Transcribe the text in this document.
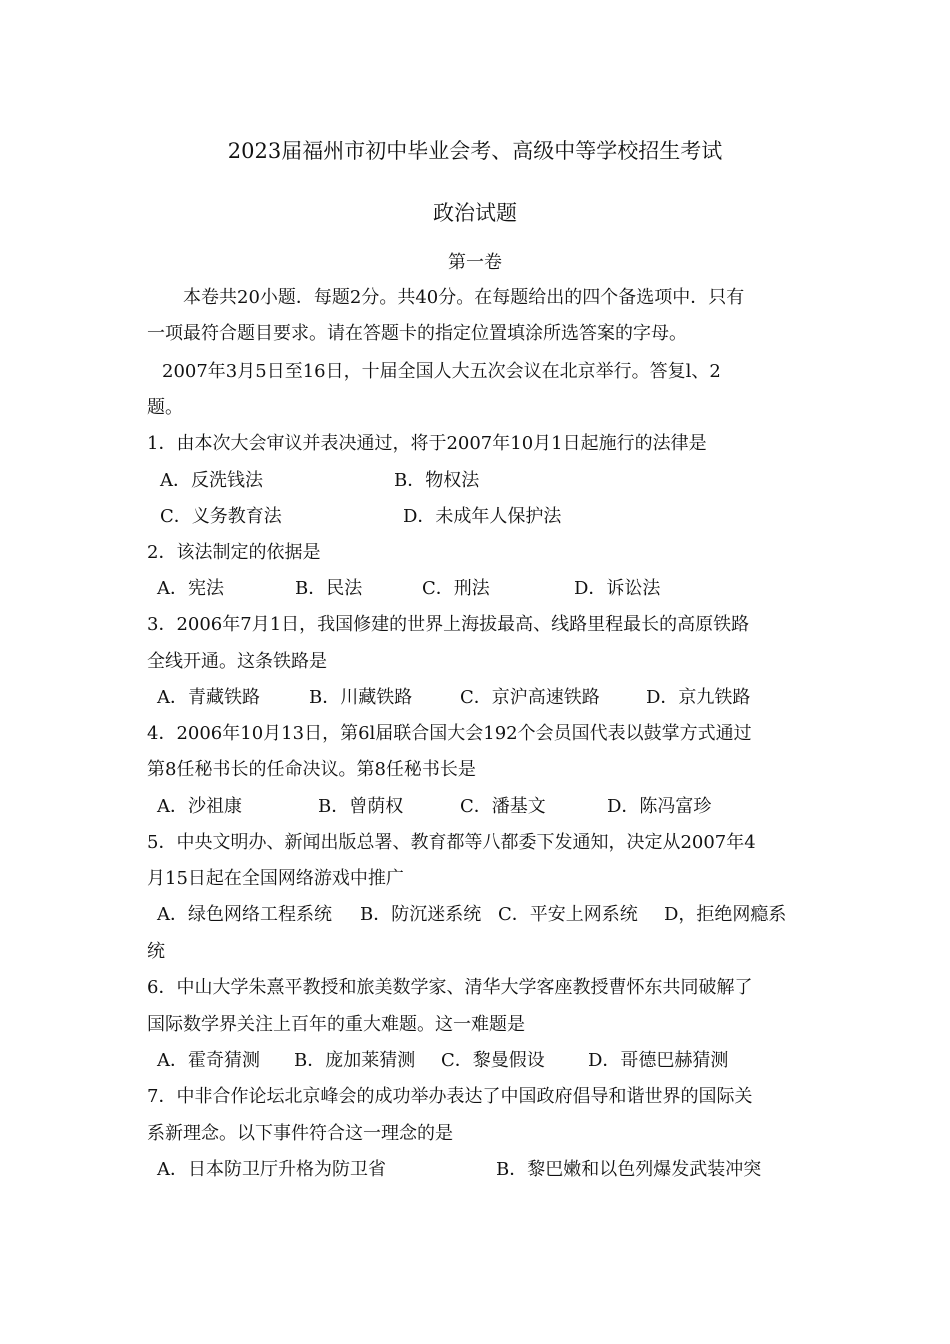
2023届福州市初中毕业会考、高级中等学校招生考试
政治试题
第一卷
本卷共20小题．每题2分。共40分。在每题给出的四个备选项中．只有
一项最符合题目要求。请在答题卡的指定位置填涂所选答案的字母。
2007年3月5日至16日，十届全国人大五次会议在北京举行。答复l、2
题。
1．由本次大会审议并表决通过，将于2007年10月1日起施行的法律是
A．反洗钱法	B．物权法
C．义务教育法	D．未成年人保护法
2．该法制定的依据是
A．宪法	B．民法	C．刑法	D．诉讼法
3．2006年7月1日，我国修建的世界上海拔最高、线路里程最长的高原铁路
全线开通。这条铁路是
A．青藏铁路	B．川藏铁路	C．京沪高速铁路	D．京九铁路
4．2006年10月13日，第6l届联合国大会192个会员国代表以鼓掌方式通过
第8任秘书长的任命决议。第8任秘书长是
A．沙祖康	B．曾荫权	C．潘基文	D．陈冯富珍
5．中央文明办、新闻出版总署、教育都等八都委下发通知，决定从2007年4
月15日起在全国网络游戏中推广
A．绿色网络工程系统 B．防沉迷系统 C．平安上网系统 D，拒绝网瘾系
统
6．中山大学朱熹平教授和旅美数学家、清华大学客座教授曹怀东共同破解了
国际数学界关注上百年的重大难题。这一难题是
A．霍奇猜测 B．庞加莱猜测 C．黎曼假设 D．哥德巴赫猜测
7．中非合作论坛北京峰会的成功举办表达了中国政府倡导和谐世界的国际关
系新理念。以下事件符合这一理念的是
A．日本防卫厅升格为防卫省	B．黎巴嫩和以色列爆发武装冲突
